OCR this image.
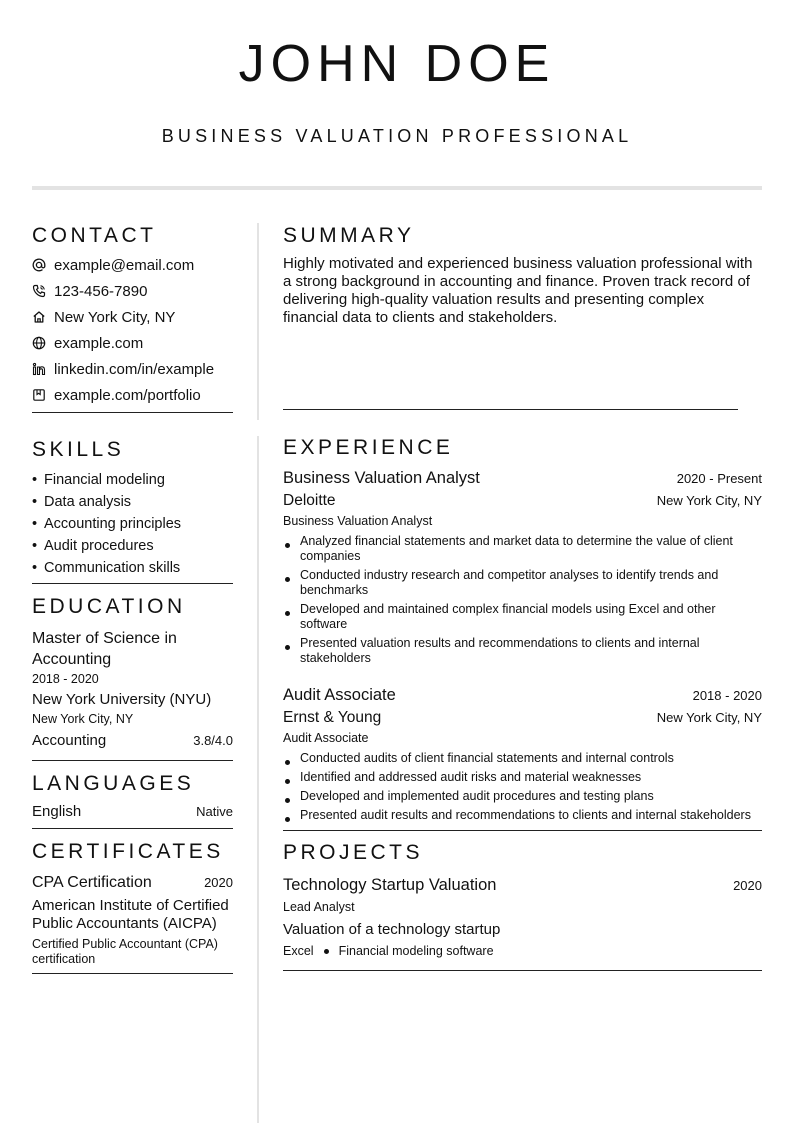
JOHN DOE
BUSINESS VALUATION PROFESSIONAL
CONTACT
example@email.com
123-456-7890
New York City, NY
example.com
linkedin.com/in/example
example.com/portfolio
SKILLS
• Financial modeling
• Data analysis
• Accounting principles
• Audit procedures
• Communication skills
EDUCATION
Master of Science in Accounting
2018 - 2020
New York University (NYU)
New York City, NY
Accounting	3.8/4.0
LANGUAGES
English	Native
CERTIFICATES
CPA Certification	2020
American Institute of Certified Public Accountants (AICPA)
Certified Public Accountant (CPA) certification
SUMMARY
Highly motivated and experienced business valuation professional with a strong background in accounting and finance. Proven track record of delivering high-quality valuation results and presenting complex financial data to clients and stakeholders.
EXPERIENCE
Business Valuation Analyst	2020 - Present
Deloitte	New York City, NY
Business Valuation Analyst
Analyzed financial statements and market data to determine the value of client companies
Conducted industry research and competitor analyses to identify trends and benchmarks
Developed and maintained complex financial models using Excel and other software
Presented valuation results and recommendations to clients and internal stakeholders
Audit Associate	2018 - 2020
Ernst & Young	New York City, NY
Audit Associate
Conducted audits of client financial statements and internal controls
Identified and addressed audit risks and material weaknesses
Developed and implemented audit procedures and testing plans
Presented audit results and recommendations to clients and internal stakeholders
PROJECTS
Technology Startup Valuation	2020
Lead Analyst
Valuation of a technology startup
Excel Financial modeling software
